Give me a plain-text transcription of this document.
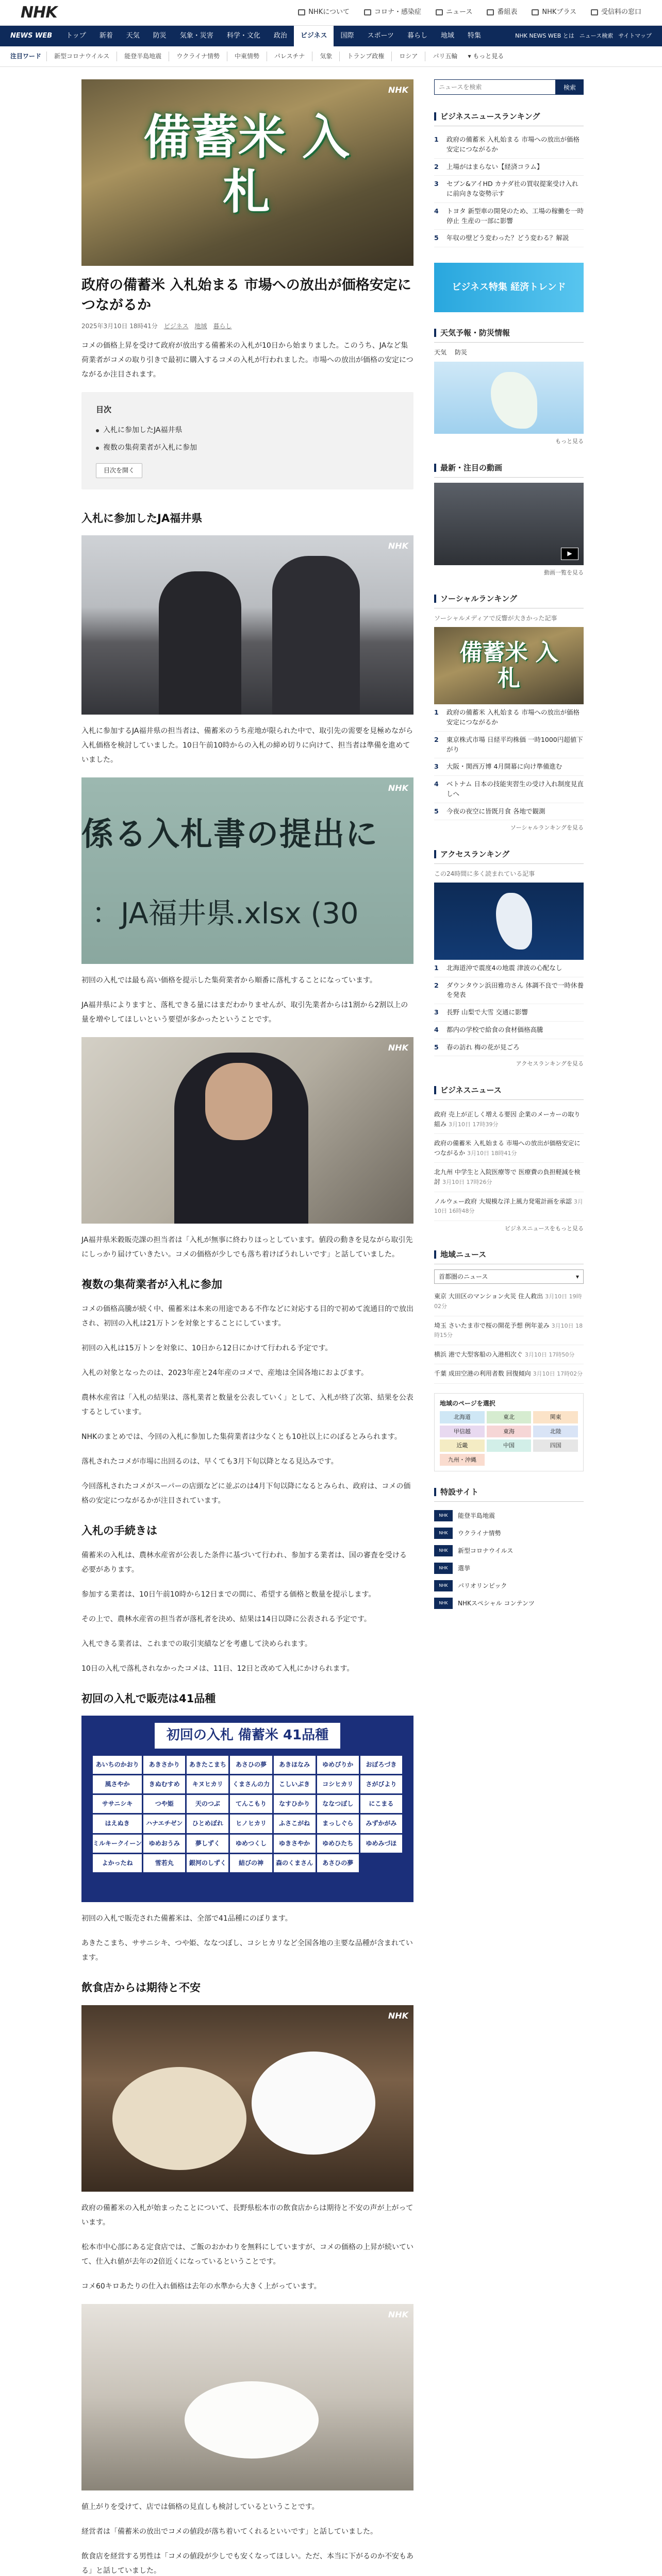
NHK	NHKについて	コロナ・感染症	ニュース	番組表	NHKプラス	受信料の窓口
NEWS WEB	トップ	新着	天気	防災	気象・災害	科学・文化	政治	ビジネス	国際	スポーツ	暮らし	地域	特集	NHK NEWS WEB とは ニュース検索 サイトマップ
注目ワード	新型コロナウイルス	能登半島地震	ウクライナ情勢	中東情勢	パレスチナ	気象	トランプ政権	ロシア	パリ五輪	▾ もっと見る
NHK
備蓄米 入札
政府の備蓄米 入札始まる 市場への放出が価格安定につながるか
2025年3月10日 18時41分　 ビジネス　 地域　 暮らし

コメの価格上昇を受けて政府が放出する備蓄米の入札が10日から始まりました。このうち、JAなど集荷業者がコメの取り引きで最初に購入するコメの入札が行われました。市場への放出が価格の安定につながるか注目されます。

目次
入札に参加したJA福井県
複数の集荷業者が入札に参加
目次を開く
入札に参加したJA福井県
NHK

入札に参加するJA福井県の担当者は、備蓄米のうち産地が限られた中で、取引先の需要を見極めながら入札価格を検討していました。10日午前10時からの入札の締め切りに向けて、担当者は準備を進めていました。

係る入札書の提出に
：JA福井県.xlsx (30
NHK

初回の入札では最も高い価格を提示した集荷業者から順番に落札することになっています。

JA福井県によりますと、落札できる量にはまだわかりませんが、取引先業者からは1割から2割以上の量を増やしてほしいという要望が多かったということです。

NHK

JA福井県米穀販売課の担当者は「入札が無事に終わりほっとしています。値段の動きを見ながら取引先にしっかり届けていきたい。コメの価格が少しでも落ち着けばうれしいです」と話していました。

複数の集荷業者が入札に参加

コメの価格高騰が続く中、備蓄米は本来の用途である不作などに対応する目的で初めて流通目的で放出され、初回の入札は21万トンを対象とすることにしています。

初回の入札は15万トンを対象に、10日から12日にかけて行われる予定です。

入札の対象となったのは、2023年産と24年産のコメで、産地は全国各地におよびます。

農林水産省は「入札の結果は、落札業者と数量を公表していく」として、入札が終了次第、結果を公表するとしています。

NHKのまとめでは、今回の入札に参加した集荷業者は少なくとも10社以上にのぼるとみられます。

落札されたコメが市場に出回るのは、早くても3月下旬以降となる見込みです。

今回落札されたコメがスーパーの店頭などに並ぶのは4月下旬以降になるとみられ、政府は、コメの価格の安定につながるかが注目されています。

入札の手続きは

備蓄米の入札は、農林水産省が公表した条件に基づいて行われ、参加する業者は、国の審査を受ける必要があります。

参加する業者は、10日午前10時から12日までの間に、希望する価格と数量を提示します。

その上で、農林水産省の担当者が落札者を決め、結果は14日以降に公表される予定です。

入札できる業者は、これまでの取引実績などを考慮して決められます。

10日の入札で落札されなかったコメは、11日、12日と改めて入札にかけられます。

初回の入札で販売は41品種
初回の入札 備蓄米 41品種
あいちのかおり	あきさかり	あきたこまち	あさひの夢	あきほなみ	ゆめぴりか	おぼろづき
風さやか	きぬむすめ	キヌヒカリ	くまさんの力	こしいぶき	コシヒカリ	さがびより
ササニシキ	つや姫	天のつぶ	てんこもり	なすひかり	ななつぼし	にこまる
はえぬき	ハナエチゼン	ひとめぼれ	ヒノヒカリ	ふさこがね	まっしぐら	みずかがみ
ミルキークイーン	ゆめおうみ	夢しずく	ゆめつくし	ゆきさやか	ゆめひたち	ゆめみづほ
よかったね	雪若丸	銀河のしずく	結びの神	森のくまさん	あさひの夢

初回の入札で販売された備蓄米は、全部で41品種にのぼります。

あきたこまち、ササニシキ、つや姫、ななつぼし、コシヒカリなど全国各地の主要な品種が含まれています。

飲食店からは期待と不安
NHK

政府の備蓄米の入札が始まったことについて、長野県松本市の飲食店からは期待と不安の声が上がっています。

松本市中心部にある定食店では、ご飯のおかわりを無料にしていますが、コメの価格の上昇が続いていて、仕入れ値が去年の2倍近くになっているということです。

コメ60キロあたりの仕入れ価格は去年の水準から大きく上がっています。

NHK

値上がりを受けて、店では価格の見直しも検討しているということです。

経営者は「備蓄米の放出でコメの値段が落ち着いてくれるといいです」と話していました。

飲食店を経営する男性は「コメの値段が少しでも安くなってほしい。ただ、本当に下がるのか不安もある」と話していました。

ニュースを検索
検索
ビジネスニュースランキング
1	政府の備蓄米 入札始まる 市場への放出が価格安定につながるか
2	上場がはまらない【経済コラム】
3	セブン&アイHD カナダ社の買収提案受け入れに前向きな姿勢示す
4	トヨタ 新型車の開発のため、工場の稼働を一時停止 生産の一部に影響
5	年収の壁どう変わった？どう変わる？解説
ビジネス特集 経済トレンド
天気予報・防災情報
天気 防災
もっと見る
最新・注目の動画
▶
動画一覧を見る
ソーシャルランキング
ソーシャルメディアで反響が大きかった記事
備蓄米 入札
1	政府の備蓄米 入札始まる 市場への放出が価格安定につながるか
2	東京株式市場 日経平均株価 一時1000円超値下がり
3	大阪・関西万博 4月開幕に向け準備進む
4	ベトナム 日本の技能実習生の受け入れ制度見直しへ
5	今夜の夜空に皆既月食 各地で観測
ソーシャルランキングを見る
アクセスランキング
この24時間に多く読まれている記事
1	北海道沖で震度4の地震 津波の心配なし
2	ダウンタウン浜田雅功さん 体調不良で一時休養を発表
3	長野 山梨で大雪 交通に影響
4	都内の学校で給食の食材価格高騰
5	春の訪れ 梅の花が見ごろ
アクセスランキングを見る
ビジネスニュース
政府 売上が正しく増える要因 企業のメーカーの取り組み 3月10日 17時39分
政府の備蓄米 入札始まる 市場への放出が価格安定につながるか 3月10日 18時41分
北九州 中学生と入院医療等で 医療費の負担軽減を検討 3月10日 17時26分
ノルウェー政府 大規模な洋上風力発電計画を承認 3月10日 16時48分
ビジネスニュースをもっと見る
地域ニュース
首都圏のニュース	▾
東京 大田区のマンション火災 住人救出 3月10日 19時02分
埼玉 さいたま市で桜の開花予想 例年並み 3月10日 18時15分
横浜 港で大型客船の入港相次ぐ 3月10日 17時50分
千葉 成田空港の利用者数 回復傾向 3月10日 17時02分
地域のページを選択
北海道	東北	関東
甲信越	東海	北陸
近畿	中国	四国
九州・沖縄
特設サイト
NHK	能登半島地震
NHK	ウクライナ情勢
NHK	新型コロナウイルス
NHK	選挙
NHK	パリオリンピック
NHK	NHKスペシャル コンテンツ
